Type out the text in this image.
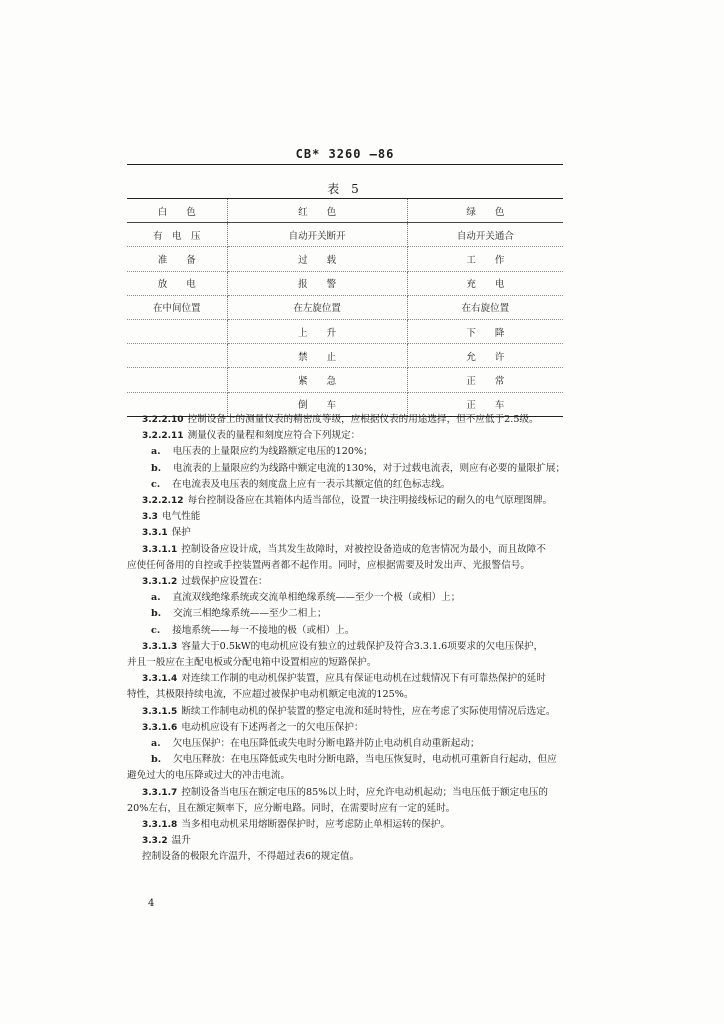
CB* 3260 —86
表 5
白　　色	红　　色	绿　　色
有　电　压	自动开关断开	自动开关通合
准　　备	过　　载	工　　作
放　　电	报　　警	充　　电
在中间位置	在左旋位置	在右旋位置
	上　　升	下　　降
	禁　　止	允　　许
	紧　　急	正　　常
	倒　　车	正　　车

3.2.2.10 控制设备上的测量仪表的精密度等级，应根据仪表的用途选择，但不应低于2.5级。

3.2.2.11 测量仪表的量程和刻度应符合下列规定：

a. 电压表的上量限应约为线路额定电压的120%；

b. 电流表的上量限应约为线路中额定电流的130%，对于过载电流表，则应有必要的量限扩展；

c. 在电流表及电压表的刻度盘上应有一表示其额定值的红色标志线。

3.2.2.12 每台控制设备应在其箱体内适当部位，设置一块注明接线标记的耐久的电气原理图牌。

3.3 电气性能

3.3.1 保护

3.3.1.1 控制设备应设计成，当其发生故障时，对被控设备造成的危害情况为最小，而且故障不

应使任何备用的自控或手控装置两者都不起作用。同时，应根据需要及时发出声、光报警信号。

3.3.1.2 过载保护应设置在：

a. 直流双线绝缘系统或交流单相绝缘系统——至少一个极（或相）上；

b. 交流三相绝缘系统——至少二相上；

c. 接地系统——每一不接地的极（或相）上。

3.3.1.3 容量大于0.5kW的电动机应设有独立的过载保护及符合3.3.1.6项要求的欠电压保护，

并且一般应在主配电板或分配电箱中设置相应的短路保护。

3.3.1.4 对连续工作制的电动机保护装置，应具有保证电动机在过载情况下有可靠热保护的延时

特性，其极限持续电流，不应超过被保护电动机额定电流的125%。

3.3.1.5 断续工作制电动机的保护装置的整定电流和延时特性，应在考虑了实际使用情况后选定。

3.3.1.6 电动机应设有下述两者之一的欠电压保护：

a. 欠电压保护：在电压降低或失电时分断电路并防止电动机自动重新起动；

b. 欠电压释放：在电压降低或失电时分断电路，当电压恢复时，电动机可重新自行起动，但应

避免过大的电压降或过大的冲击电流。

3.3.1.7 控制设备当电压在额定电压的85%以上时，应允许电动机起动；当电压低于额定电压的

20%左右，且在额定频率下，应分断电路。同时，在需要时应有一定的延时。

3.3.1.8 当多相电动机采用熔断器保护时，应考虑防止单相运转的保护。

3.3.2 温升

控制设备的极限允许温升，不得超过表6的规定值。

4
